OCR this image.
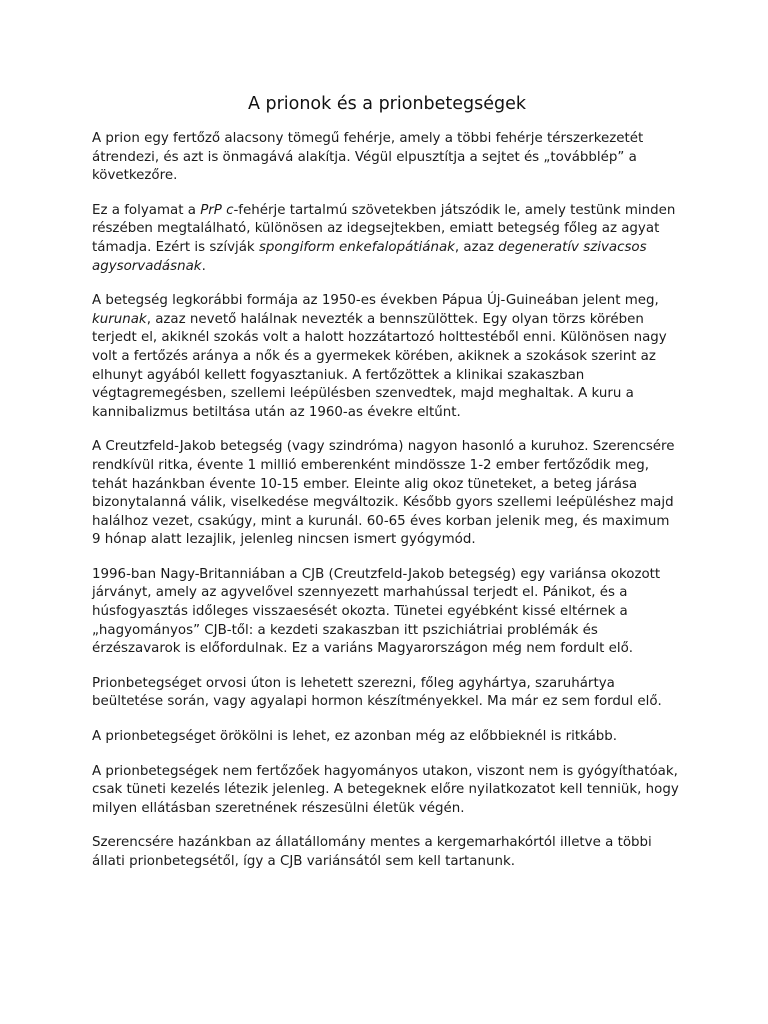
A prionok és a prionbetegségek

A prion egy fertőző alacsony tömegű fehérje, amely a többi fehérje térszerkezetét átrendezi, és azt is önmagává alakítja. Végül elpusztítja a sejtet és „továbblép” a következőre.

Ez a folyamat a PrP c-fehérje tartalmú szövetekben játszódik le, amely testünk minden részében megtalálható, különösen az idegsejtekben, emiatt betegség főleg az agyat támadja. Ezért is szívják spongiform enkefalopátiának, azaz degeneratív szivacsos agysorvadásnak.

A betegség legkorábbi formája az 1950-es években Pápua Új-Guineában jelent meg, kurunak, azaz nevető halálnak nevezték a bennszülöttek. Egy olyan törzs körében terjedt el, akiknél szokás volt a halott hozzátartozó holttestéből enni. Különösen nagy volt a fertőzés aránya a nők és a gyermekek körében, akiknek a szokások szerint az elhunyt agyából kellett fogyasztaniuk. A fertőzöttek a klinikai szakaszban végtagremegésben, szellemi leépülésben szenvedtek, majd meghaltak. A kuru a kannibalizmus betiltása után az 1960-as évekre eltűnt.

A Creutzfeld-Jakob betegség (vagy szindróma) nagyon hasonló a kuruhoz. Szerencsére rendkívül ritka, évente 1 millió emberenként mindössze 1-2 ember fertőződik meg, tehát hazánkban évente 10-15 ember. Eleinte alig okoz tüneteket, a beteg járása bizonytalanná válik, viselkedése megváltozik. Később gyors szellemi leépüléshez majd halálhoz vezet, csakúgy, mint a kurunál. 60-65 éves korban jelenik meg, és maximum 9 hónap alatt lezajlik, jelenleg nincsen ismert gyógymód.

1996-ban Nagy-Britanniában a CJB (Creutzfeld-Jakob betegség) egy variánsa okozott járványt, amely az agyvelővel szennyezett marhahússal terjedt el. Pánikot, és a húsfogyasztás időleges visszaesését okozta. Tünetei egyébként kissé eltérnek a „hagyományos” CJB-től: a kezdeti szakaszban itt pszichiátriai problémák és érzészavarok is előfordulnak. Ez a variáns Magyarországon még nem fordult elő.

Prionbetegséget orvosi úton is lehetett szerezni, főleg agyhártya, szaruhártya beültetése során, vagy agyalapi hormon készítményekkel. Ma már ez sem fordul elő.

A prionbetegséget örökölni is lehet, ez azonban még az előbbieknél is ritkább.

A prionbetegségek nem fertőzőek hagyományos utakon, viszont nem is gyógyíthatóak, csak tüneti kezelés létezik jelenleg. A betegeknek előre nyilatkozatot kell tenniük, hogy milyen ellátásban szeretnének részesülni életük végén.

Szerencsére hazánkban az állatállomány mentes a kergemarhakórtól illetve a többi állati prionbetegsétől, így a CJB variánsától sem kell tartanunk.
